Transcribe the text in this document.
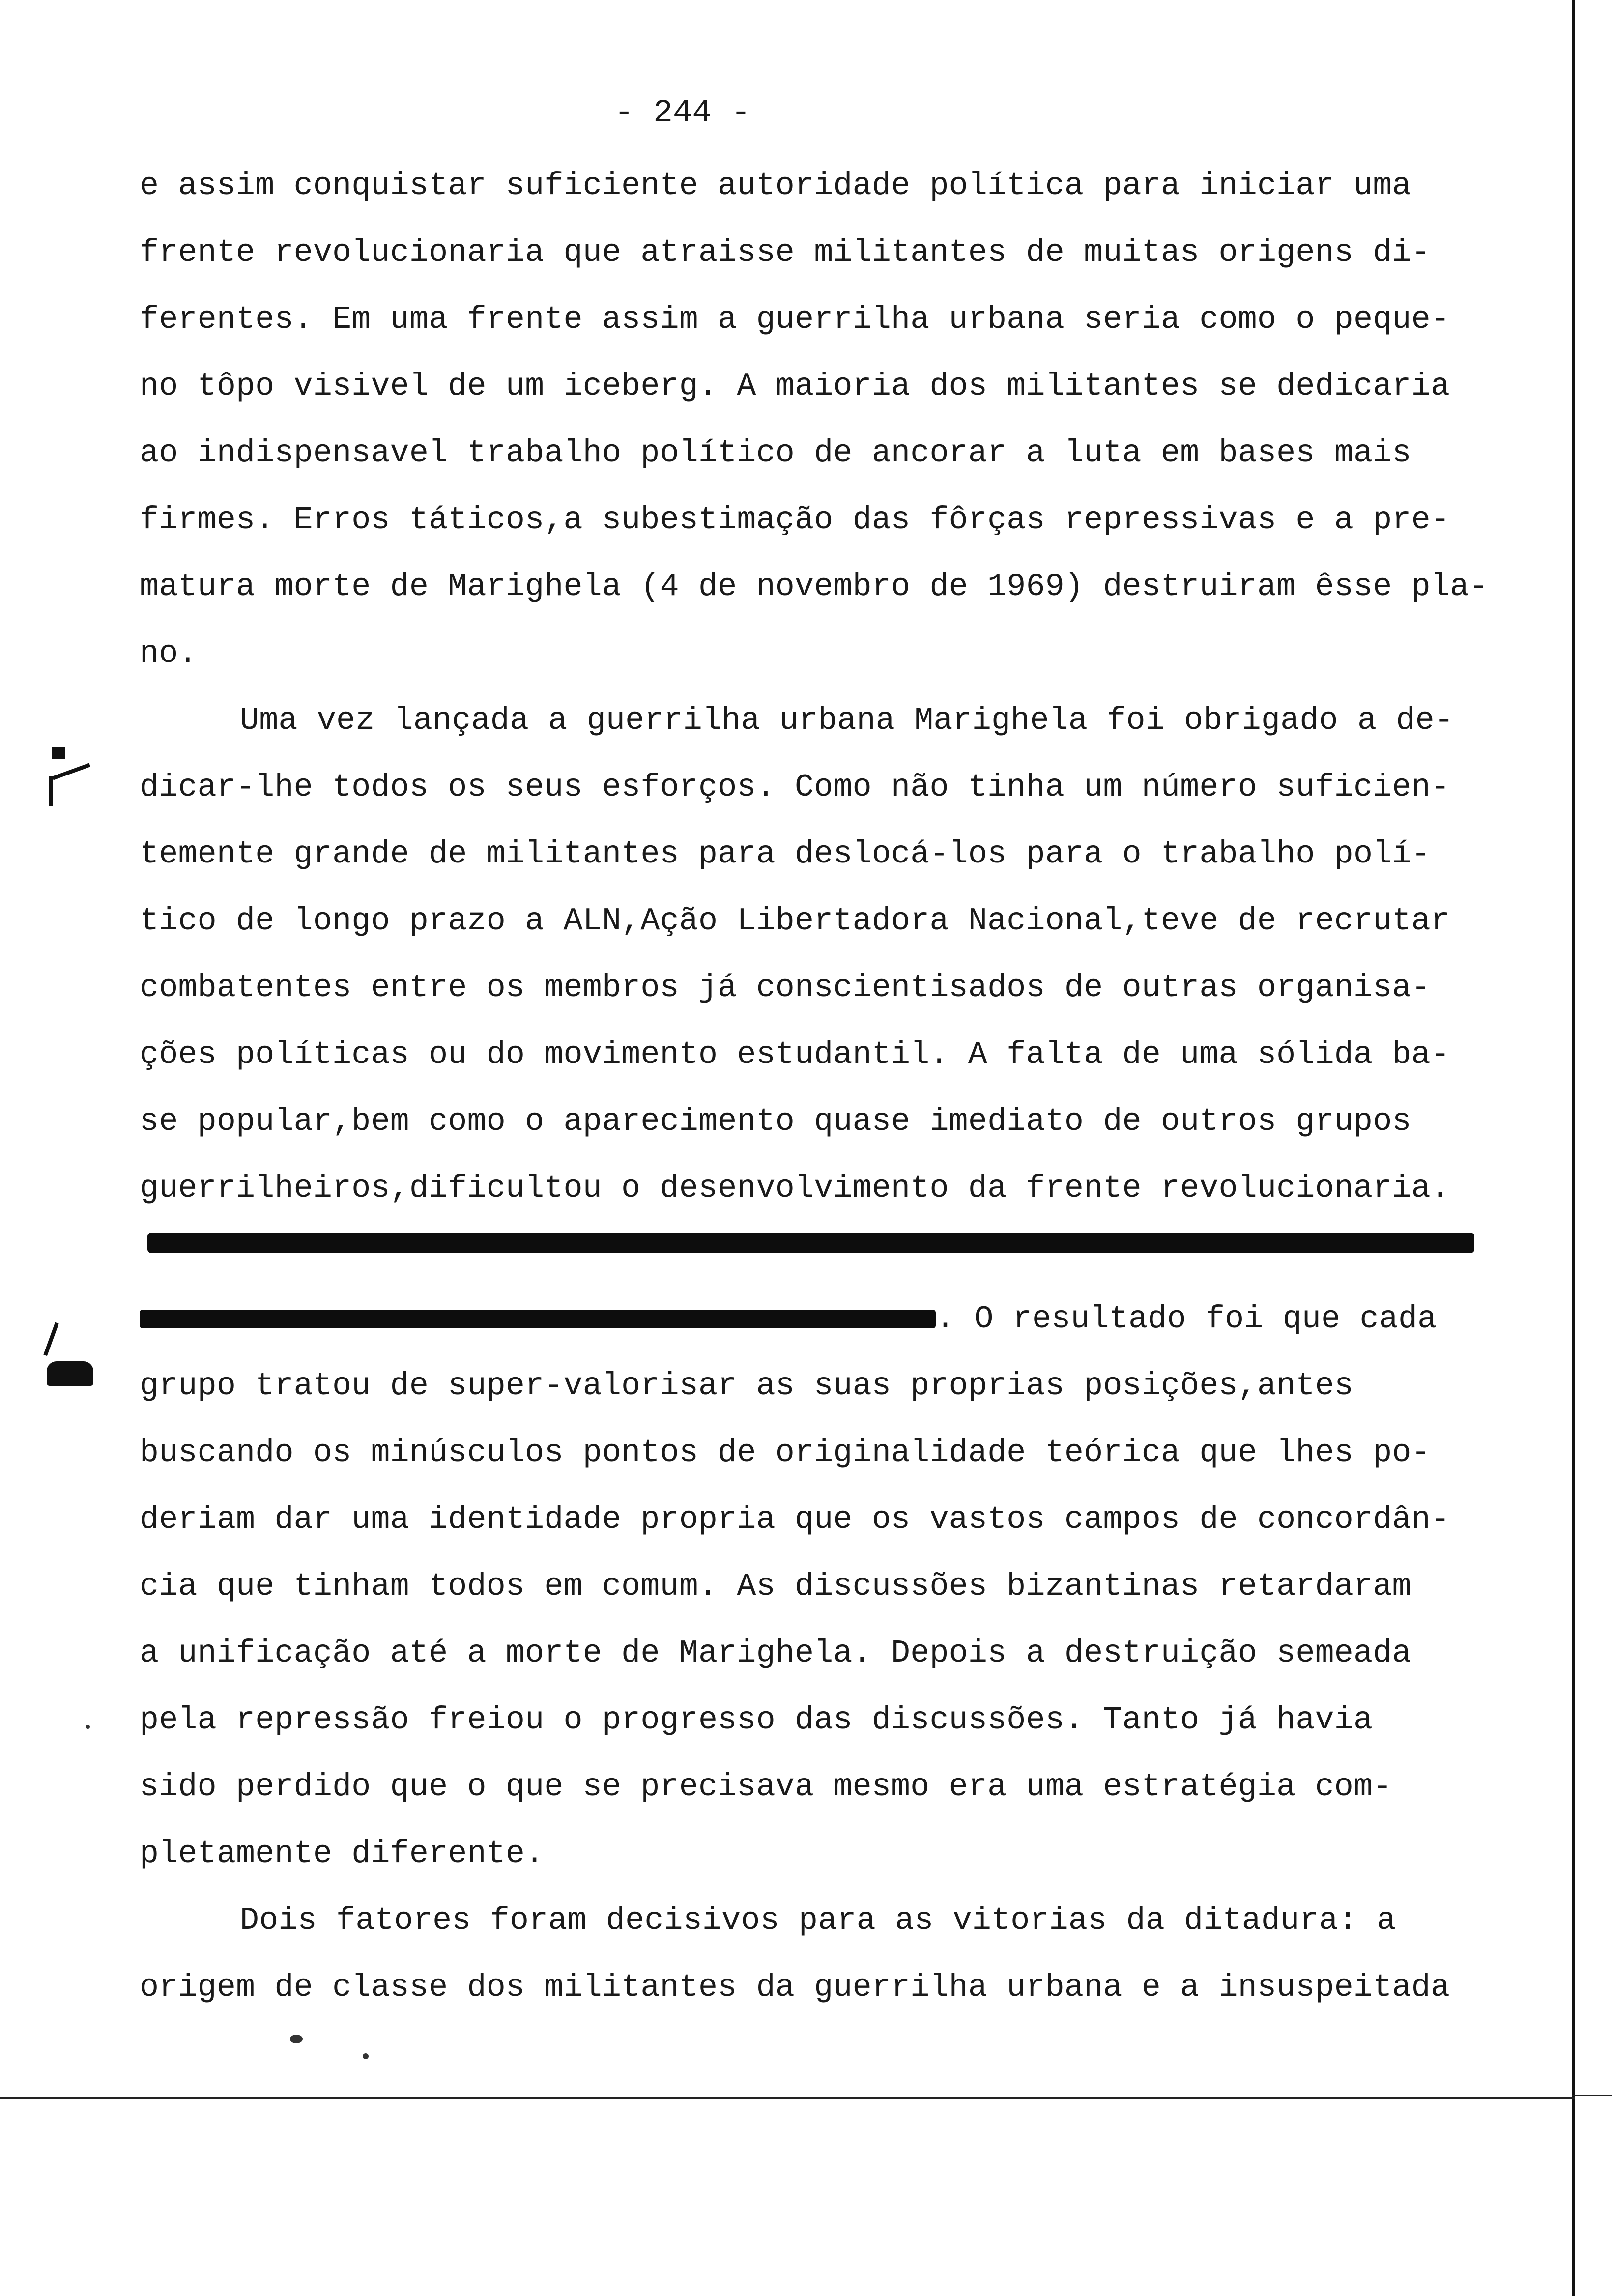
- 244 -
e assim conquistar suficiente autoridade política para iniciar uma
frente revolucionaria que atraisse militantes de muitas origens di-
ferentes. Em uma frente assim a guerrilha urbana seria como o peque-
no tôpo visivel de um iceberg. A maioria dos militantes se dedicaria
ao indispensavel trabalho político de ancorar a luta em bases mais
firmes. Erros táticos,a subestimação das fôrças repressivas e a pre-
matura morte de Marighela (4 de novembro de 1969) destruiram êsse pla-
no.
Uma vez lançada a guerrilha urbana Marighela foi obrigado a de-
dicar-lhe todos os seus esforços. Como não tinha um número suficien-
temente grande de militantes para deslocá-los para o trabalho polí-
tico de longo prazo a ALN,Ação Libertadora Nacional,teve de recrutar
combatentes entre os membros já conscientisados de outras organisa-
ções políticas ou do movimento estudantil. A falta de uma sólida ba-
se popular,bem como o aparecimento quase imediato de outros grupos
guerrilheiros,dificultou o desenvolvimento da frente revolucionaria.
. O resultado foi que cada
grupo tratou de super-valorisar as suas proprias posições,antes
buscando os minúsculos pontos de originalidade teórica que lhes po-
deriam dar uma identidade propria que os vastos campos de concordân-
cia que tinham todos em comum. As discussões bizantinas retardaram
a unificação até a morte de Marighela. Depois a destruição semeada
pela repressão freiou o progresso das discussões. Tanto já havia
sido perdido que o que se precisava mesmo era uma estratégia com-
pletamente diferente.
Dois fatores foram decisivos para as vitorias da ditadura: a
origem de classe dos militantes da guerrilha urbana e a insuspeitada
